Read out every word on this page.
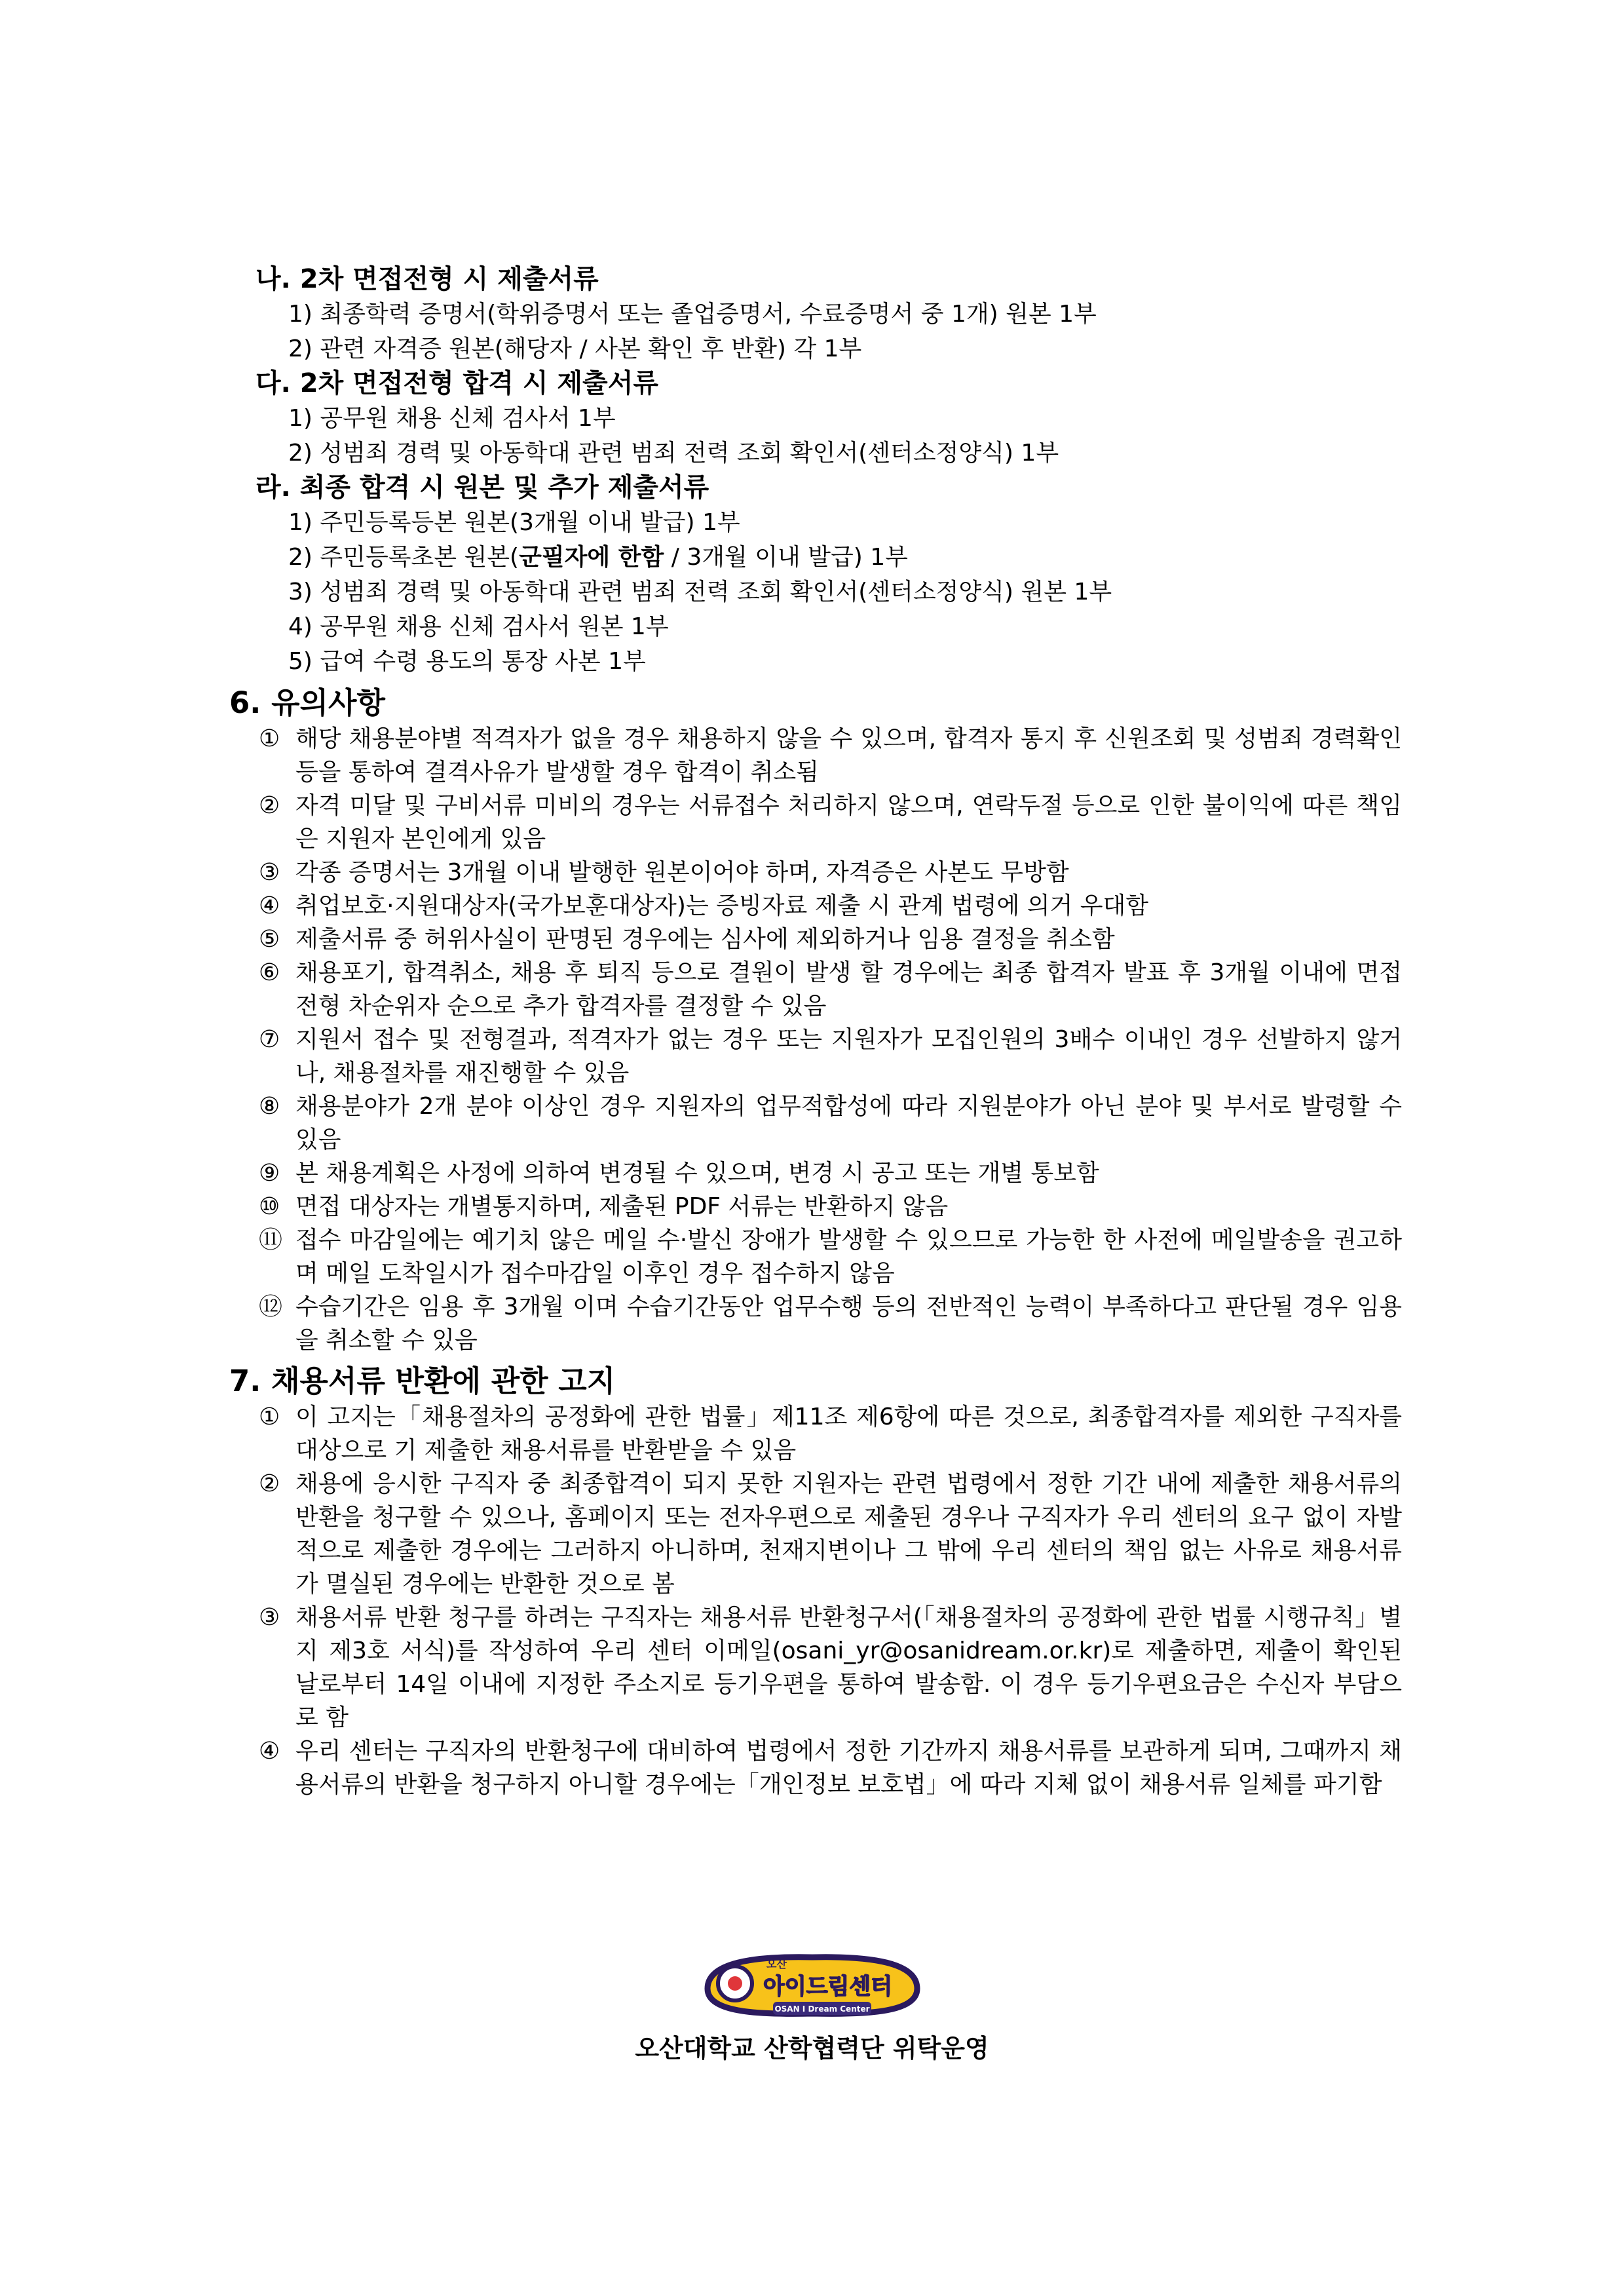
나. 2차 면접전형 시 제출서류
1) 최종학력 증명서(학위증명서 또는 졸업증명서, 수료증명서 중 1개) 원본 1부
2) 관련 자격증 원본(해당자 / 사본 확인 후 반환) 각 1부
다. 2차 면접전형 합격 시 제출서류
1) 공무원 채용 신체 검사서 1부
2) 성범죄 경력 및 아동학대 관련 범죄 전력 조회 확인서(센터소정양식) 1부
라. 최종 합격 시 원본 및 추가 제출서류
1) 주민등록등본 원본(3개월 이내 발급) 1부
2) 주민등록초본 원본(군필자에 한함 / 3개월 이내 발급) 1부
3) 성범죄 경력 및 아동학대 관련 범죄 전력 조회 확인서(센터소정양식) 원본 1부
4) 공무원 채용 신체 검사서 원본 1부
5) 급여 수령 용도의 통장 사본 1부
6. 유의사항
① 해당 채용분야별 적격자가 없을 경우 채용하지 않을 수 있으며, 합격자 통지 후 신원조회 및 성범죄 경력확인 등을 통하여 결격사유가 발생할 경우 합격이 취소됨
② 자격 미달 및 구비서류 미비의 경우는 서류접수 처리하지 않으며, 연락두절 등으로 인한 불이익에 따른 책임은 지원자 본인에게 있음
③ 각종 증명서는 3개월 이내 발행한 원본이어야 하며, 자격증은 사본도 무방함
④ 취업보호·지원대상자(국가보훈대상자)는 증빙자료 제출 시 관계 법령에 의거 우대함
⑤ 제출서류 중 허위사실이 판명된 경우에는 심사에 제외하거나 임용 결정을 취소함
⑥ 채용포기, 합격취소, 채용 후 퇴직 등으로 결원이 발생 할 경우에는 최종 합격자 발표 후 3개월 이내에 면접전형 차순위자 순으로 추가 합격자를 결정할 수 있음
⑦ 지원서 접수 및 전형결과, 적격자가 없는 경우 또는 지원자가 모집인원의 3배수 이내인 경우 선발하지 않거나, 채용절차를 재진행할 수 있음
⑧ 채용분야가 2개 분야 이상인 경우 지원자의 업무적합성에 따라 지원분야가 아닌 분야 및 부서로 발령할 수 있음
⑨ 본 채용계획은 사정에 의하여 변경될 수 있으며, 변경 시 공고 또는 개별 통보함
⑩ 면접 대상자는 개별통지하며, 제출된 PDF 서류는 반환하지 않음
⑪ 접수 마감일에는 예기치 않은 메일 수·발신 장애가 발생할 수 있으므로 가능한 한 사전에 메일발송을 권고하며 메일 도착일시가 접수마감일 이후인 경우 접수하지 않음
⑫ 수습기간은 임용 후 3개월 이며 수습기간동안 업무수행 등의 전반적인 능력이 부족하다고 판단될 경우 임용을 취소할 수 있음
7. 채용서류 반환에 관한 고지
① 이 고지는「채용절차의 공정화에 관한 법률」제11조 제6항에 따른 것으로, 최종합격자를 제외한 구직자를 대상으로 기 제출한 채용서류를 반환받을 수 있음
② 채용에 응시한 구직자 중 최종합격이 되지 못한 지원자는 관련 법령에서 정한 기간 내에 제출한 채용서류의 반환을 청구할 수 있으나, 홈페이지 또는 전자우편으로 제출된 경우나 구직자가 우리 센터의 요구 없이 자발적으로 제출한 경우에는 그러하지 아니하며, 천재지변이나 그 밖에 우리 센터의 책임 없는 사유로 채용서류가 멸실된 경우에는 반환한 것으로 봄
③ 채용서류 반환 청구를 하려는 구직자는 채용서류 반환청구서(「채용절차의 공정화에 관한 법률 시행규칙」별지 제3호 서식)를 작성하여 우리 센터 이메일(osani_yr@osanidream.or.kr)로 제출하면, 제출이 확인된 날로부터 14일 이내에 지정한 주소지로 등기우편을 통하여 발송함. 이 경우 등기우편요금은 수신자 부담으로 함
④ 우리 센터는 구직자의 반환청구에 대비하여 법령에서 정한 기간까지 채용서류를 보관하게 되며, 그때까지 채용서류의 반환을 청구하지 아니할 경우에는「개인정보 보호법」에 따라 지체 없이 채용서류 일체를 파기함
오산
아이드림센터
OSAN I Dream Center
오산대학교 산학협력단 위탁운영
